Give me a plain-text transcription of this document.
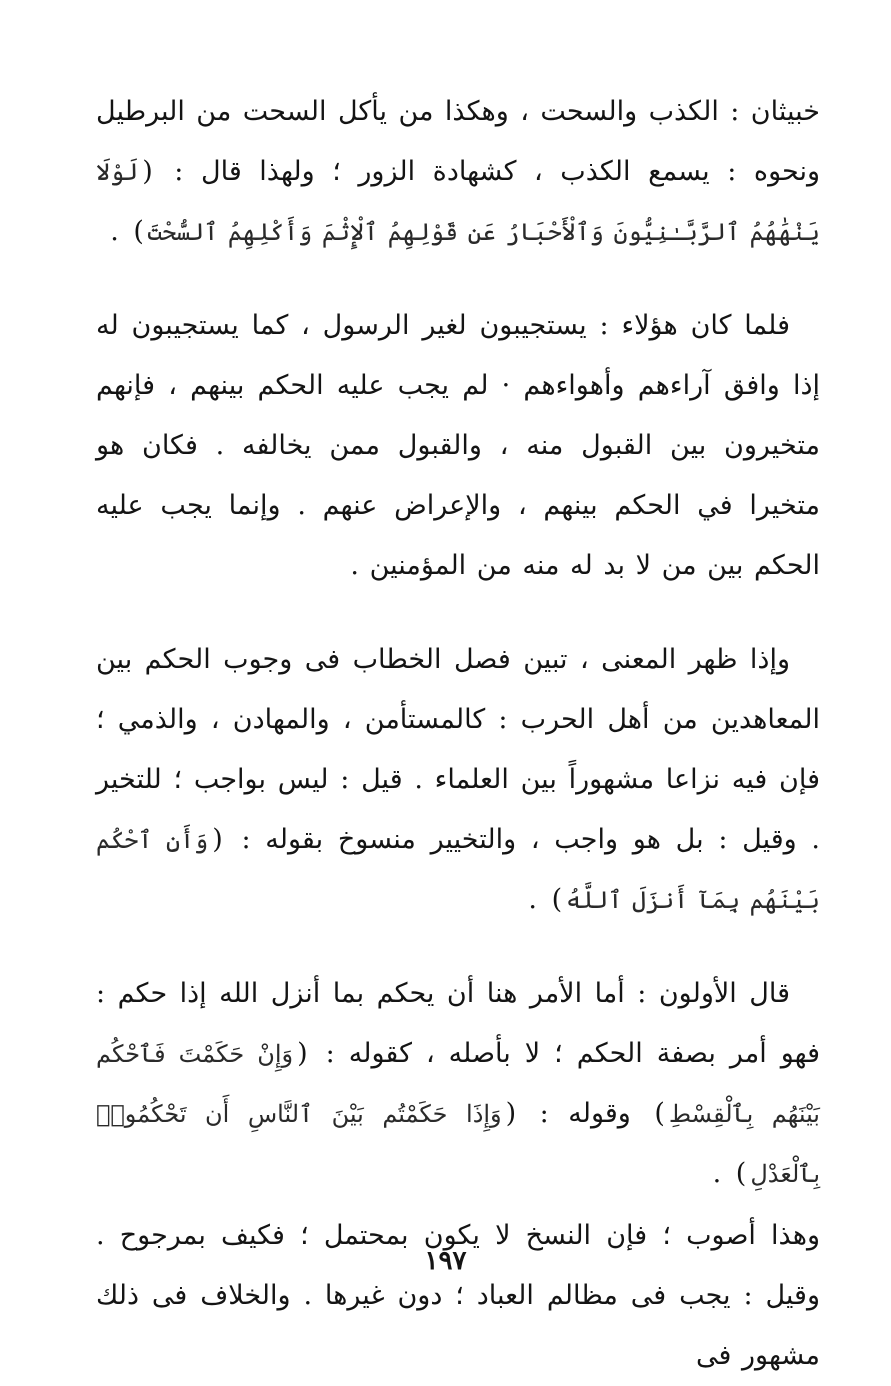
خبيثان : الكذب والسحت ، وهكذا من يأكل السحت من البرطيل ونحوه : يسمع الكذب ، كشهادة الزور ؛ ولهذا قال : (لَوْلَا يَنْهَٰهُمُ ٱلرَّبَّـٰنِيُّونَ وَٱلْأَحْبَارُ عَن قَوْلِهِمُ ٱلْإِثْمَ وَأَكْلِهِمُ ٱلسُّحْتَ) .

فلما كان هؤلاء : يستجيبون لغير الرسول ، كما يستجيبون له إذا وافق آراءهم وأهواءهم · لم يجب عليه الحكم بينهم ، فإنهم متخيرون بين القبول منه ، والقبول ممن يخالفه . فكان هو متخيرا في الحكم بينهم ، والإعراض عنهم . وإنما يجب عليه الحكم بين من لا بد له منه من المؤمنين .

وإذا ظهر المعنى ، تبين فصل الخطاب فى وجوب الحكم بين المعاهدين من أهل الحرب : كالمستأمن ، والمهادن ، والذمي ؛ فإن فيه نزاعا مشهوراً بين العلماء . قيل : ليس بواجب ؛ للتخير . وقيل : بل هو واجب ، والتخيير منسوخ بقوله : (وَأَنِ ٱحْكُم بَيْنَهُم بِمَآ أَنزَلَ ٱللَّهُ) .

قال الأولون : أما الأمر هنا أن يحكم بما أنزل الله إذا حكم : فهو أمر بصفة الحكم ؛ لا بأصله ، كقوله : (وَإِنْ حَكَمْتَ فَٱحْكُم بَيْنَهُم بِٱلْقِسْطِ) وقوله : (وَإِذَا حَكَمْتُم بَيْنَ ٱلنَّاسِ أَن تَحْكُمُوا۟ بِٱلْعَدْلِ) .

وهذا أصوب ؛ فإن النسخ لا يكون بمحتمل ؛ فكيف بمرجوح . وقيل : يجب فى مظالم العباد ؛ دون غيرها . والخلاف فى ذلك مشهور فى

١٩٧
